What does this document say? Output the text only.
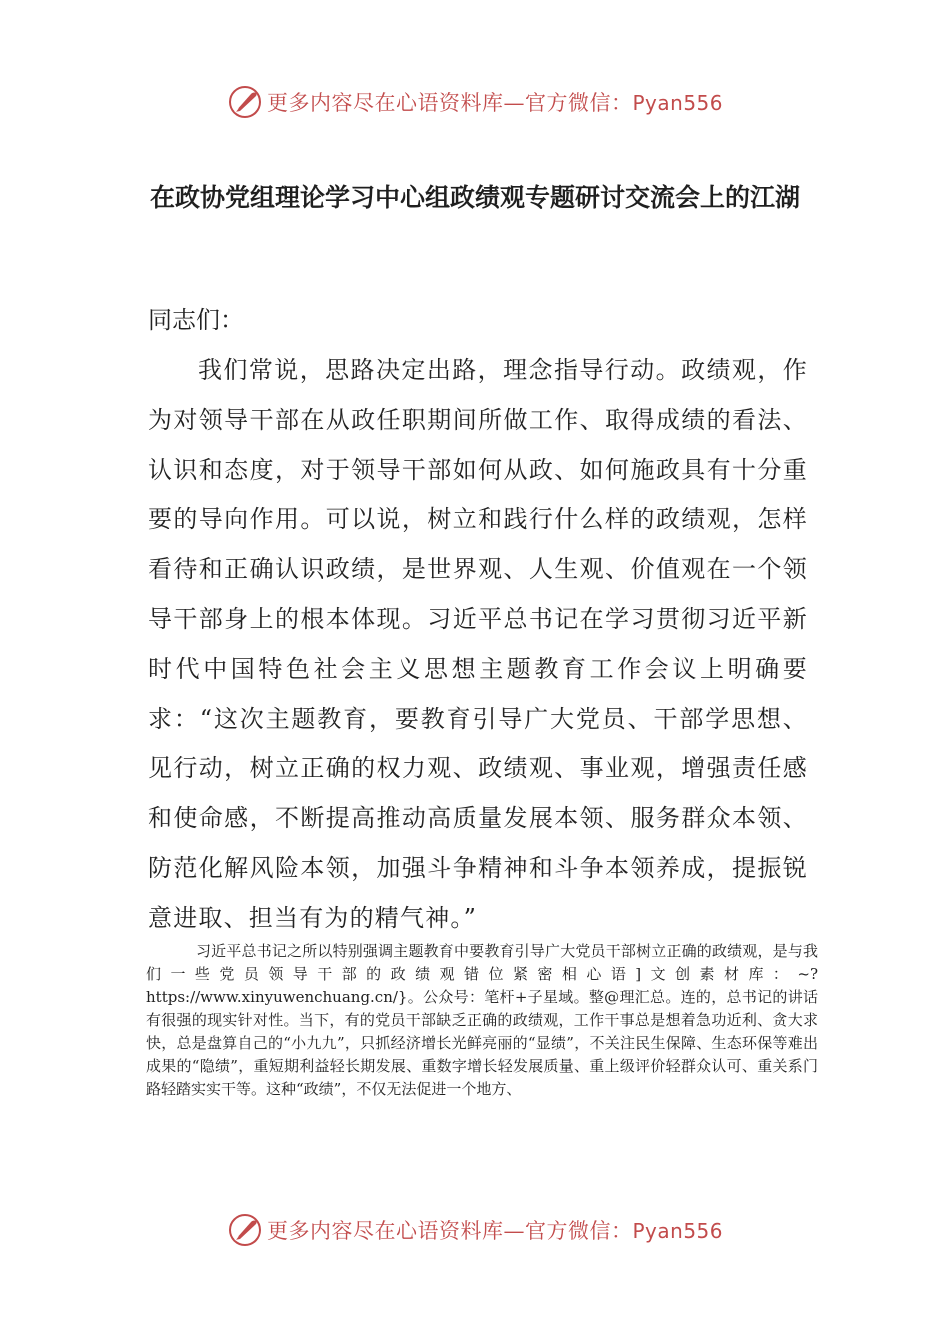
更多内容尽在心语资料库—官方微信：Pyan556
在政协党组理论学习中心组政绩观专题研讨交流会上的江湖
同志们：

我们常说，思路决定出路，理念指导行动。政绩观，作为对领导干部在从政任职期间所做工作、取得成绩的看法、认识和态度，对于领导干部如何从政、如何施政具有十分重要的导向作用。可以说，树立和践行什么样的政绩观，怎样看待和正确认识政绩，是世界观、人生观、价值观在一个领导干部身上的根本体现。习近平总书记在学习贯彻习近平新时代中国特色社会主义思想主题教育工作会议上明确要求：“这次主题教育，要教育引导广大党员、干部学思想、见行动，树立正确的权力观、政绩观、事业观，增强责任感和使命感，不断提高推动高质量发展本领、服务群众本领、防范化解风险本领，加强斗争精神和斗争本领养成，提振锐意进取、担当有为的精气神。”

习近平总书记之所以特别强调主题教育中要教育引导广大党员干部树立正确的政绩观，是与我们一些党员领导干部的政绩观错位紧密相心语]文创素材库：~?https://www.xinyuwenchuang.cn/}。公众号：笔杆+子星域。整@理汇总。连的，总书记的讲话有很强的现实针对性。当下，有的党员干部缺乏正确的政绩观，工作干事总是想着急功近利、贪大求快，总是盘算自己的“小九九”，只抓经济增长光鲜亮丽的“显绩”，不关注民生保障、生态环保等难出成果的“隐绩”，重短期利益轻长期发展、重数字增长轻发展质量、重上级评价轻群众认可、重关系门路轻踏实实干等。这种“政绩”，不仅无法促进一个地方、

更多内容尽在心语资料库—官方微信：Pyan556
